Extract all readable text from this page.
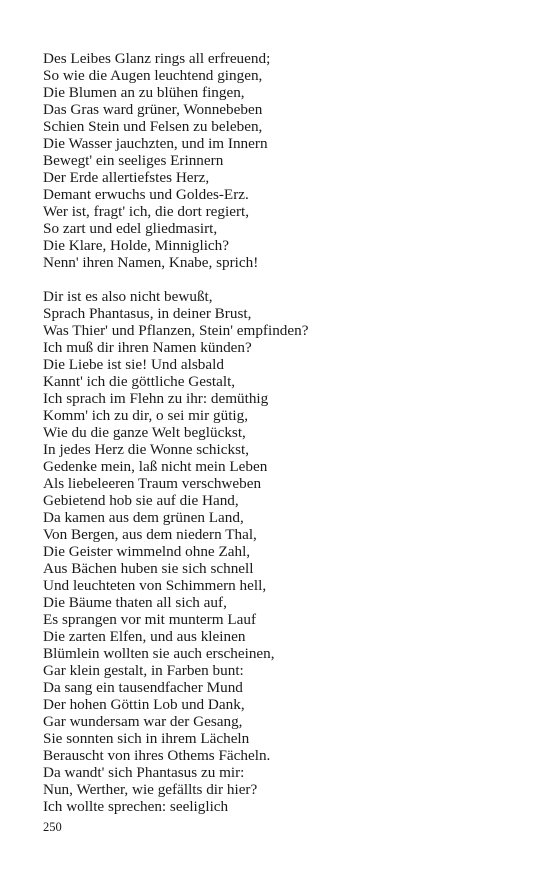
Des Leibes Glanz rings all erfreuend;
So wie die Augen leuchtend gingen,
Die Blumen an zu blühen fingen,
Das Gras ward grüner, Wonnebeben
Schien Stein und Felsen zu beleben,
Die Wasser jauchzten, und im Innern
Bewegt' ein seeliges Erinnern
Der Erde allertiefstes Herz,
Demant erwuchs und Goldes-Erz.
Wer ist, fragt' ich, die dort regiert,
So zart und edel gliedmasirt,
Die Klare, Holde, Minniglich?
Nenn' ihren Namen, Knabe, sprich!
Dir ist es also nicht bewußt,
Sprach Phantasus, in deiner Brust,
Was Thier' und Pflanzen, Stein' empfinden?
Ich muß dir ihren Namen künden?
Die Liebe ist sie! Und alsbald
Kannt' ich die göttliche Gestalt,
Ich sprach im Flehn zu ihr: demüthig
Komm' ich zu dir, o sei mir gütig,
Wie du die ganze Welt beglückst,
In jedes Herz die Wonne schickst,
Gedenke mein, laß nicht mein Leben
Als liebeleeren Traum verschweben
Gebietend hob sie auf die Hand,
Da kamen aus dem grünen Land,
Von Bergen, aus dem niedern Thal,
Die Geister wimmelnd ohne Zahl,
Aus Bächen huben sie sich schnell
Und leuchteten von Schimmern hell,
Die Bäume thaten all sich auf,
Es sprangen vor mit munterm Lauf
Die zarten Elfen, und aus kleinen
Blümlein wollten sie auch erscheinen,
Gar klein gestalt, in Farben bunt:
Da sang ein tausendfacher Mund
Der hohen Göttin Lob und Dank,
Gar wundersam war der Gesang,
Sie sonnten sich in ihrem Lächeln
Berauscht von ihres Othems Fächeln.
Da wandt' sich Phantasus zu mir:
Nun, Werther, wie gefällts dir hier?
Ich wollte sprechen: seeliglich
250
